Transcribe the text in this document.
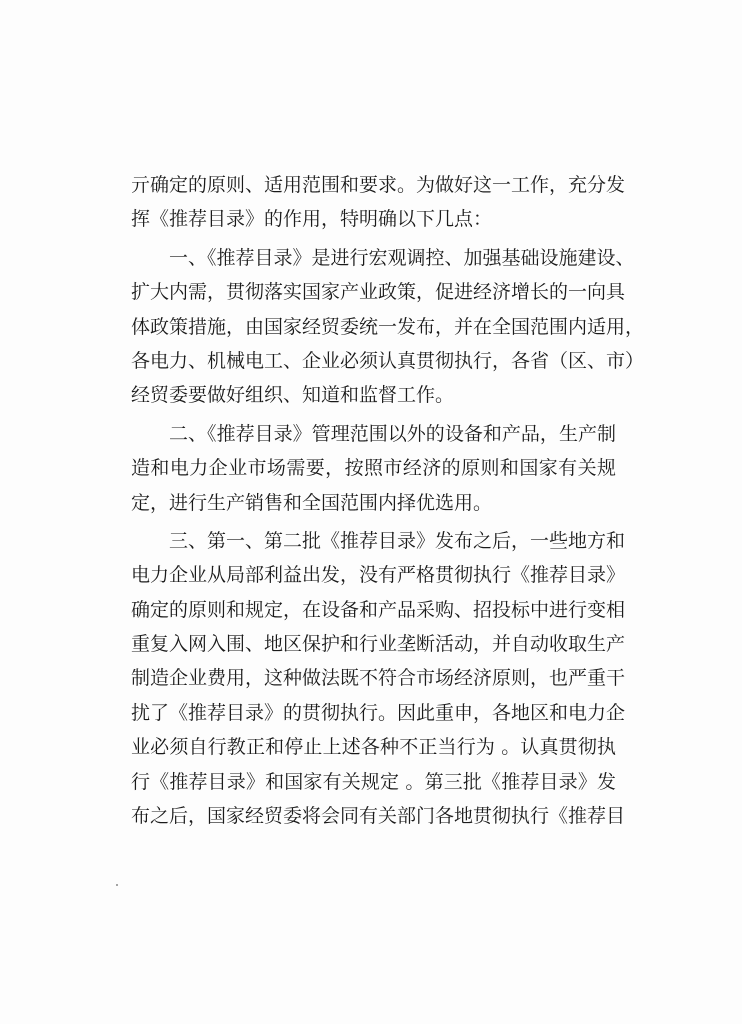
亓确定的原则、适用范围和要求。为做好这一工作，充分发
挥《推荐目录》的作用，特明确以下几点：
一、《推荐目录》是进行宏观调控、加强基础设施建设、
扩大内需，贯彻落实国家产业政策，促进经济增长的一向具
体政策措施，由国家经贸委统一发布，并在全国范围内适用，
各电力、机械电工、企业必须认真贯彻执行，各省（区、市）
经贸委要做好组织、知道和监督工作。
二、《推荐目录》管理范围以外的设备和产品，生产制
造和电力企业市场需要，按照市经济的原则和国家有关规
定，进行生产销售和全国范围内择优选用。
三、第一、第二批《推荐目录》发布之后，一些地方和
电力企业从局部利益出发，没有严格贯彻执行《推荐目录》
确定的原则和规定，在设备和产品采购、招投标中进行变相
重复入网入围、地区保护和行业垄断活动，并自动收取生产
制造企业费用，这种做法既不符合市场经济原则，也严重干
扰了《推荐目录》的贯彻执行。因此重申，各地区和电力企
业必须自行教正和停止上述各种不正当行为 。认真贯彻执
行《推荐目录》和国家有关规定 。第三批《推荐目录》发
布之后，国家经贸委将会同有关部门各地贯彻执行《推荐目
